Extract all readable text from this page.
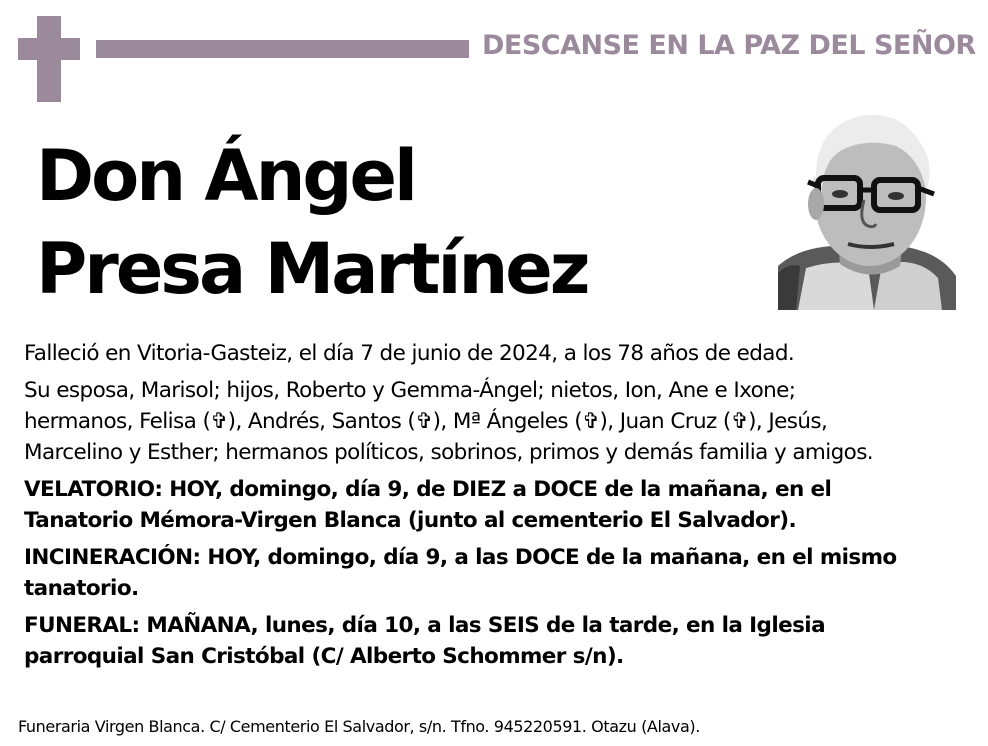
DESCANSE EN LA PAZ DEL SEÑOR
Don Ángel
Presa Martínez

Falleció en Vitoria-Gasteiz, el día 7 de junio de 2024, a los 78 años de edad.

Su esposa, Marisol; hijos, Roberto y Gemma-Ángel; nietos, Ion, Ane e Ixone;
hermanos, Felisa (✞), Andrés, Santos (✞), Mª Ángeles (✞), Juan Cruz (✞), Jesús,
Marcelino y Esther; hermanos políticos, sobrinos, primos y demás familia y amigos.

VELATORIO: HOY, domingo, día 9, de DIEZ a DOCE de la mañana, en el
Tanatorio Mémora-Virgen Blanca (junto al cementerio El Salvador).

INCINERACIÓN: HOY, domingo, día 9, a las DOCE de la mañana, en el mismo
tanatorio.

FUNERAL: MAÑANA, lunes, día 10, a las SEIS de la tarde, en la Iglesia
parroquial San Cristóbal (C/ Alberto Schommer s/n).

Funeraria Virgen Blanca. C/ Cementerio El Salvador, s/n. Tfno. 945220591. Otazu (Alava).
